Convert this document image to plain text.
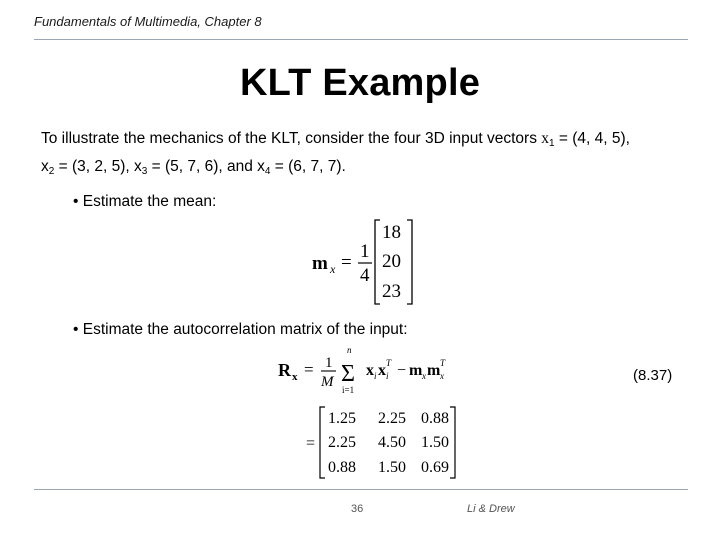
Fundamentals of Multimedia, Chapter 8
KLT Example
To illustrate the mechanics of the KLT, consider the four 3D input vectors $x_1 = (4$, 4, 5),
$x_2 = (3$, 2, 5), $x_3 = (5$, 7, 6), and $x_4 = (6$, 7, 7).
• Estimate the mean:
m x =
1
4
18
20
23
• Estimate the autocorrelation matrix of the input:
R x = 1
M
n
Σ
i=1
x i x i
T − m x m x
T
(8.37)
=
1.25 2.25 0.88
2.25 4.50 1.50
0.88 1.50 0.69
36	Li & Drew
